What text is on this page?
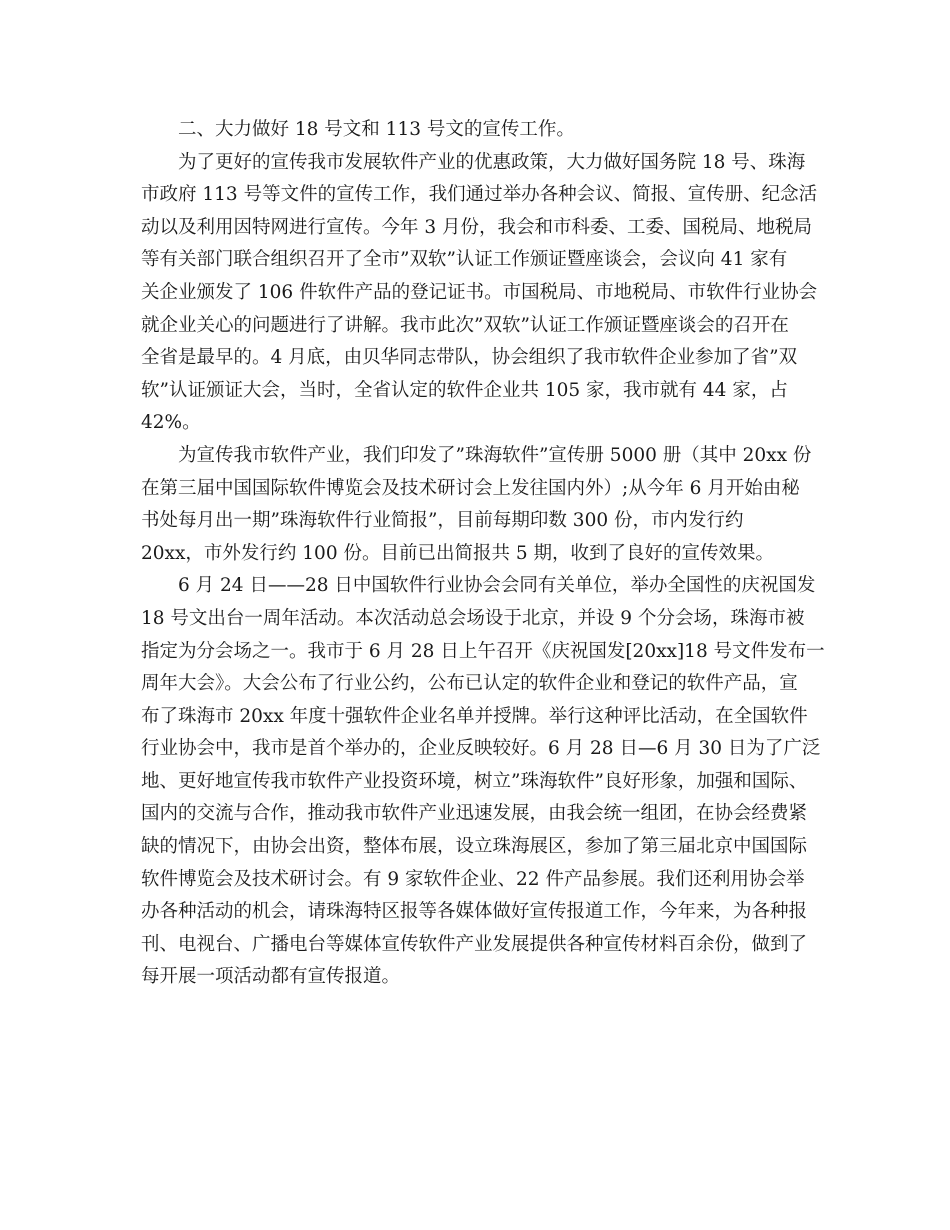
二、大力做好 18 号文和 113 号文的宣传工作。
为了更好的宣传我市发展软件产业的优惠政策，大力做好国务院 18 号、珠海
市政府 113 号等文件的宣传工作，我们通过举办各种会议、简报、宣传册、纪念活
动以及利用因特网进行宣传。今年 3 月份，我会和市科委、工委、国税局、地税局
等有关部门联合组织召开了全市”双软”认证工作颁证暨座谈会，会议向 41 家有
关企业颁发了 106 件软件产品的登记证书。市国税局、市地税局、市软件行业协会
就企业关心的问题进行了讲解。我市此次”双软”认证工作颁证暨座谈会的召开在
全省是最早的。4 月底，由贝华同志带队，协会组织了我市软件企业参加了省”双
软”认证颁证大会，当时，全省认定的软件企业共 105 家，我市就有 44 家，占
42%。
为宣传我市软件产业，我们印发了”珠海软件”宣传册 5000 册（其中 20xx 份
在第三届中国国际软件博览会及技术研讨会上发往国内外）;从今年 6 月开始由秘
书处每月出一期”珠海软件行业简报”，目前每期印数 300 份，市内发行约
20xx，市外发行约 100 份。目前已出简报共 5 期，收到了良好的宣传效果。
6 月 24 日——28 日中国软件行业协会会同有关单位，举办全国性的庆祝国发
18 号文出台一周年活动。本次活动总会场设于北京，并设 9 个分会场，珠海市被
指定为分会场之一。我市于 6 月 28 日上午召开《庆祝国发[20xx]18 号文件发布一
周年大会》。大会公布了行业公约，公布已认定的软件企业和登记的软件产品，宣
布了珠海市 20xx 年度十强软件企业名单并授牌。举行这种评比活动，在全国软件
行业协会中，我市是首个举办的，企业反映较好。6 月 28 日—6 月 30 日为了广泛
地、更好地宣传我市软件产业投资环境，树立”珠海软件”良好形象，加强和国际、
国内的交流与合作，推动我市软件产业迅速发展，由我会统一组团，在协会经费紧
缺的情况下，由协会出资，整体布展，设立珠海展区，参加了第三届北京中国国际
软件博览会及技术研讨会。有 9 家软件企业、22 件产品参展。我们还利用协会举
办各种活动的机会，请珠海特区报等各媒体做好宣传报道工作，今年来，为各种报
刊、电视台、广播电台等媒体宣传软件产业发展提供各种宣传材料百余份，做到了
每开展一项活动都有宣传报道。
